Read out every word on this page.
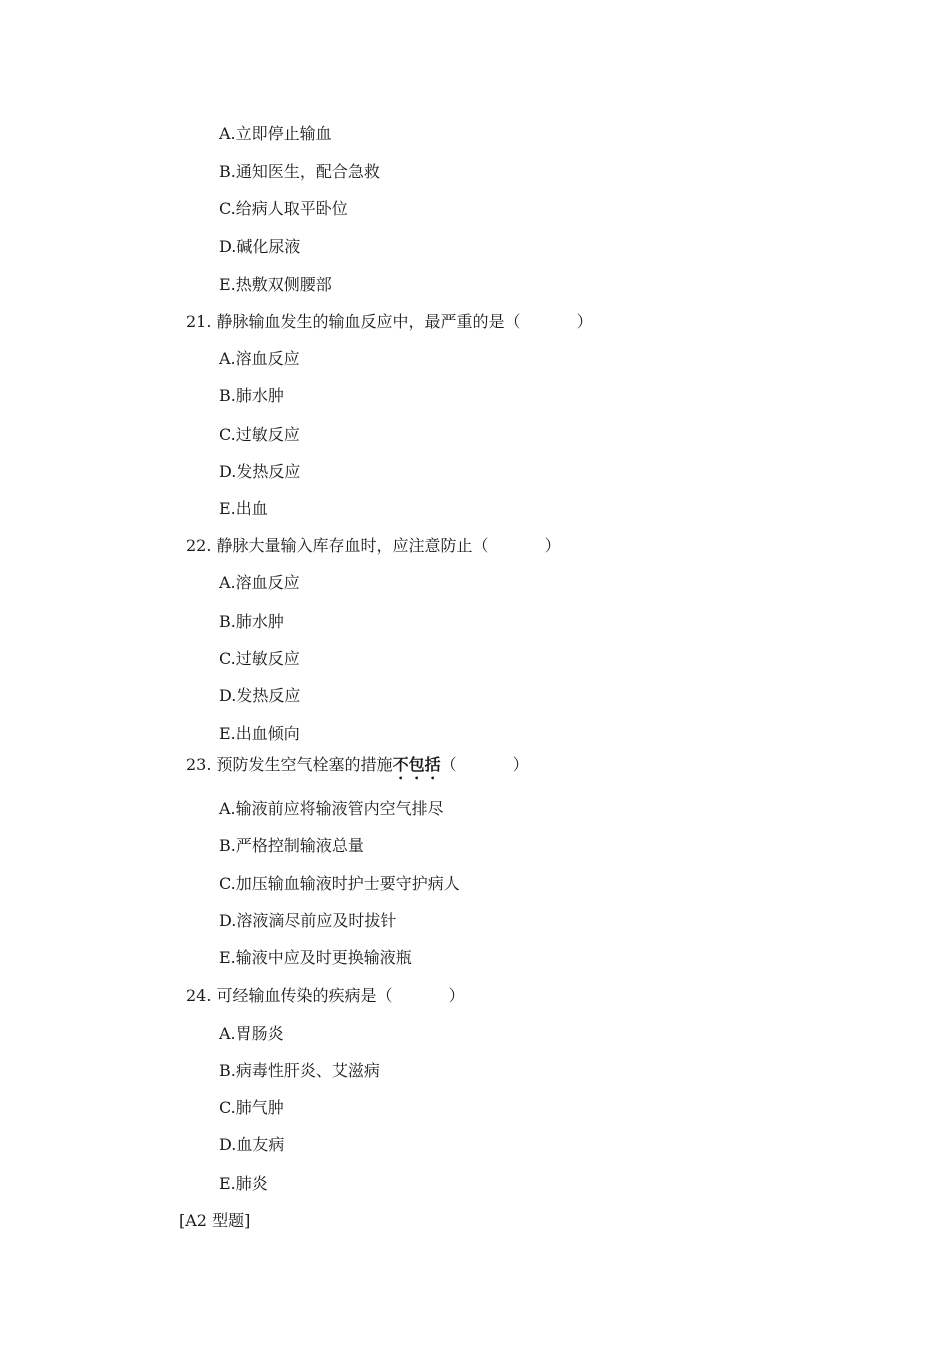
A.立即停止输血
B.通知医生，配合急救
C.给病人取平卧位
D.碱化尿液
E.热敷双侧腰部
21. 静脉输血发生的输血反应中，最严重的是（	）
A.溶血反应
B.肺水肿
C.过敏反应
D.发热反应
E.出血
22. 静脉大量输入库存血时，应注意防止（	）
A.溶血反应
B.肺水肿
C.过敏反应
D.发热反应
E.出血倾向
23. 预防发生空气栓塞的措施不包括（	）
A.输液前应将输液管内空气排尽
B.严格控制输液总量
C.加压输血输液时护士要守护病人
D.溶液滴尽前应及时拔针
E.输液中应及时更换输液瓶
24. 可经输血传染的疾病是（	）
A.胃肠炎
B.病毒性肝炎、艾滋病
C.肺气肿
D.血友病
E.肺炎
[A2 型题]
